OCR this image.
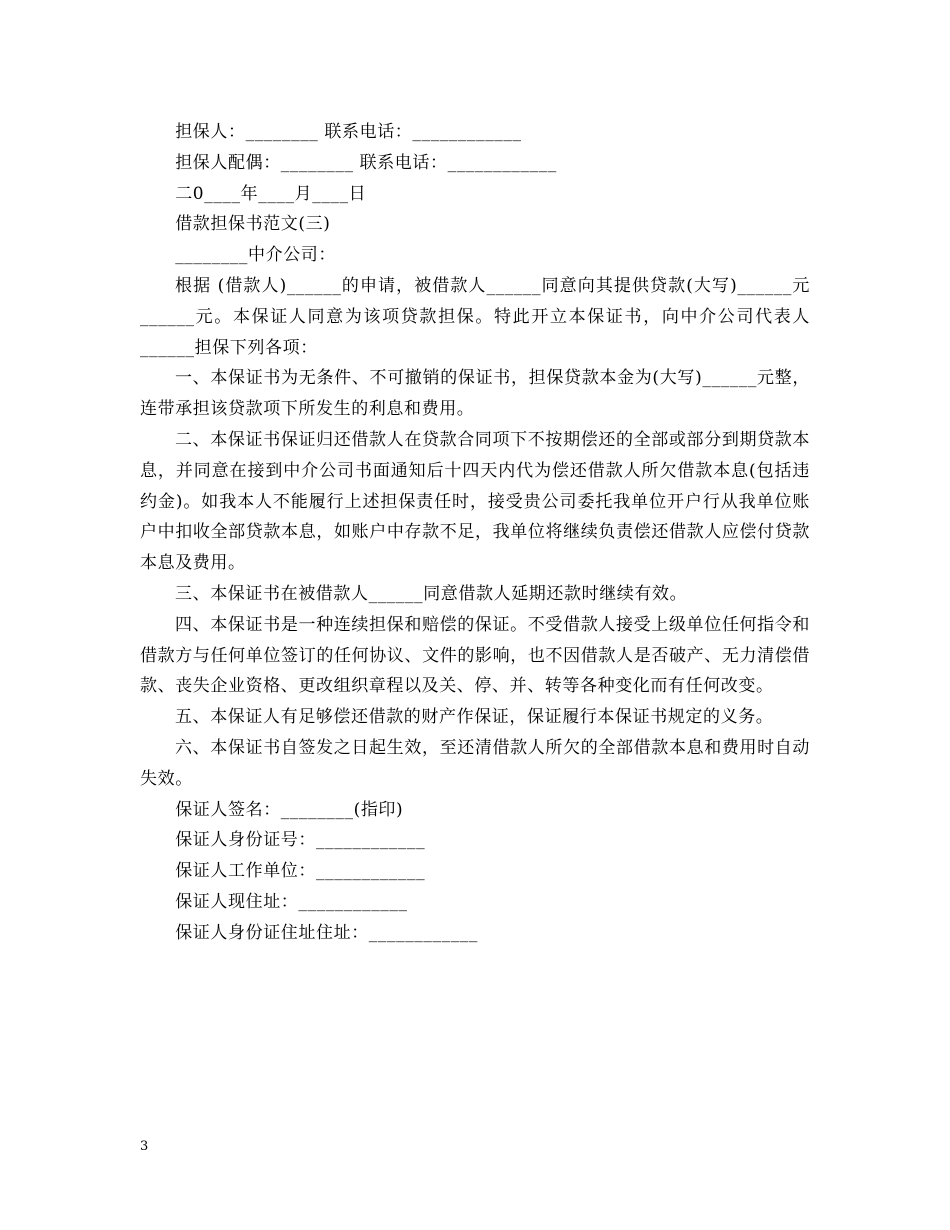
　　担保人：________ 联系电话：____________
　　担保人配偶：________ 联系电话：____________
　　二0____年____月____日
　　借款担保书范文(三)
　　________中介公司：
根据 (借款人)______的申请，被借款人______同意向其提供贷款(大写)______元______元。本保证人同意为该项贷款担保。特此开立本保证书，向中介公司代表人______担保下列各项：
一、本保证书为无条件、不可撤销的保证书，担保贷款本金为(大写)______元整，连带承担该贷款项下所发生的利息和费用。
二、本保证书保证归还借款人在贷款合同项下不按期偿还的全部或部分到期贷款本息，并同意在接到中介公司书面通知后十四天内代为偿还借款人所欠借款本息(包括违约金)。如我本人不能履行上述担保责任时，接受贵公司委托我单位开户行从我单位账户中扣收全部贷款本息，如账户中存款不足，我单位将继续负责偿还借款人应偿付贷款本息及费用。
三、本保证书在被借款人______同意借款人延期还款时继续有效。
四、本保证书是一种连续担保和赔偿的保证。不受借款人接受上级单位任何指令和借款方与任何单位签订的任何协议、文件的影响，也不因借款人是否破产、无力清偿借款、丧失企业资格、更改组织章程以及关、停、并、转等各种变化而有任何改变。
五、本保证人有足够偿还借款的财产作保证，保证履行本保证书规定的义务。
六、本保证书自签发之日起生效，至还清借款人所欠的全部借款本息和费用时自动失效。
　　保证人签名：________(指印)
　　保证人身份证号：____________
　　保证人工作单位：____________
　　保证人现住址：____________
　　保证人身份证住址住址：____________
3
